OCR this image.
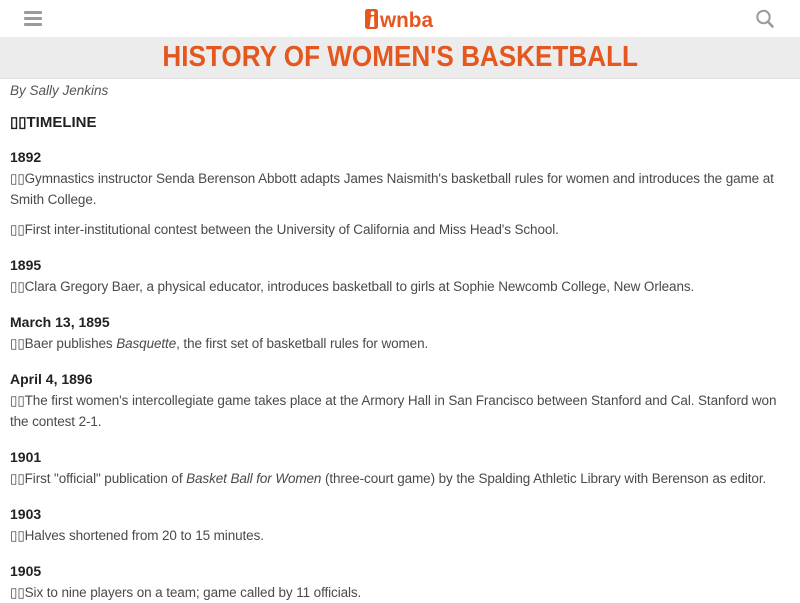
wnba
HISTORY OF WOMEN'S BASKETBALL

By Sally Jenkins

▯▯TIMELINE
1892

▯▯Gymnastics instructor Senda Berenson Abbott adapts James Naismith's basketball rules for women and introduces the game at Smith College.

▯▯First inter-institutional contest between the University of California and Miss Head's School.

1895

▯▯Clara Gregory Baer, a physical educator, introduces basketball to girls at Sophie Newcomb College, New Orleans.

March 13, 1895

▯▯Baer publishes Basquette, the first set of basketball rules for women.

April 4, 1896

▯▯The first women's intercollegiate game takes place at the Armory Hall in San Francisco between Stanford and Cal. Stanford won the contest 2-1.

1901

▯▯First "official" publication of Basket Ball for Women (three-court game) by the Spalding Athletic Library with Berenson as editor.

1903

▯▯Halves shortened from 20 to 15 minutes.

1905

▯▯Six to nine players on a team; game called by 11 officials.
